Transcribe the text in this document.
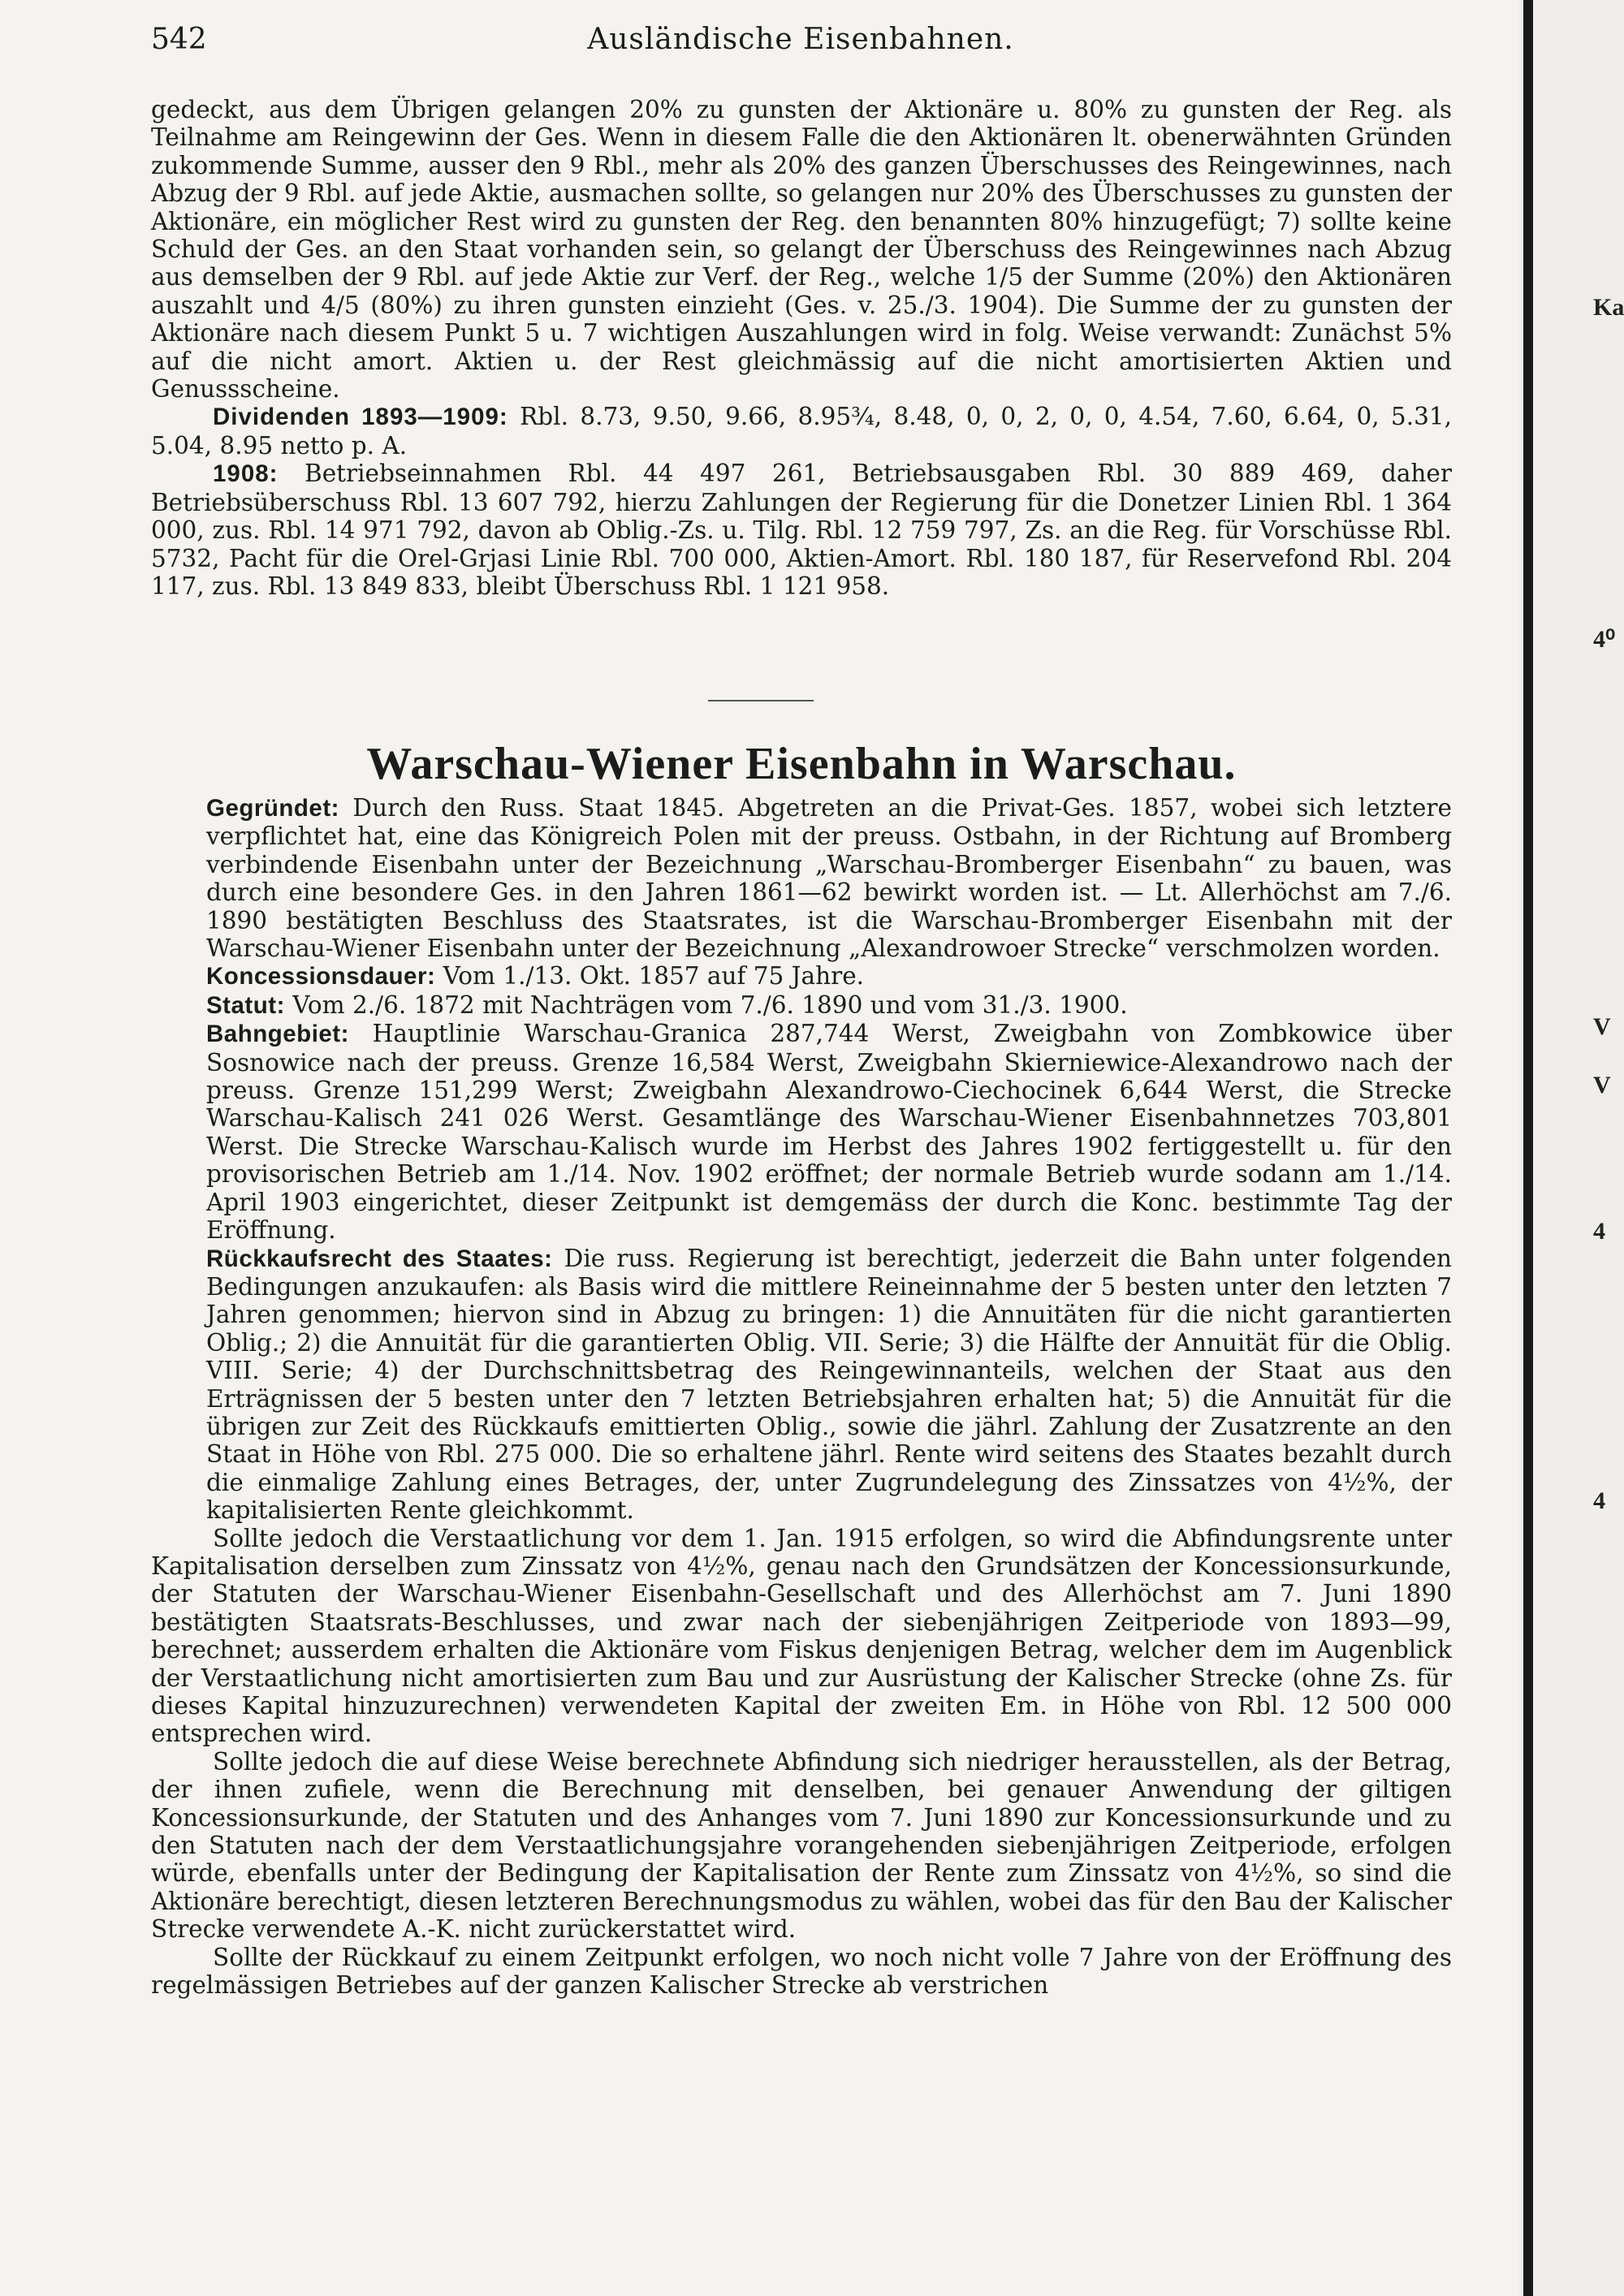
542	Ausländische Eisenbahnen.

gedeckt, aus dem Übrigen gelangen 20% zu gunsten der Aktionäre u. 80% zu gunsten der Reg. als Teilnahme am Reingewinn der Ges. Wenn in diesem Falle die den Aktionären lt. obenerwähnten Gründen zukommende Summe, ausser den 9 Rbl., mehr als 20% des ganzen Überschusses des Reingewinnes, nach Abzug der 9 Rbl. auf jede Aktie, ausmachen sollte, so gelangen nur 20% des Überschusses zu gunsten der Aktionäre, ein möglicher Rest wird zu gunsten der Reg. den benannten 80% hinzugefügt; 7) sollte keine Schuld der Ges. an den Staat vorhanden sein, so gelangt der Überschuss des Reingewinnes nach Abzug aus demselben der 9 Rbl. auf jede Aktie zur Verf. der Reg., welche 1/5 der Summe (20%) den Aktionären auszahlt und 4/5 (80%) zu ihren gunsten einzieht (Ges. v. 25./3. 1904). Die Summe der zu gunsten der Aktionäre nach diesem Punkt 5 u. 7 wichtigen Auszahlungen wird in folg. Weise verwandt: Zunächst 5% auf die nicht amort. Aktien u. der Rest gleichmässig auf die nicht amortisierten Aktien und Genussscheine.

Dividenden 1893—1909: Rbl. 8.73, 9.50, 9.66, 8.95¾, 8.48, 0, 0, 2, 0, 0, 4.54, 7.60, 6.64, 0, 5.31, 5.04, 8.95 netto p. A.

1908: Betriebseinnahmen Rbl. 44 497 261, Betriebsausgaben Rbl. 30 889 469, daher Betriebsüberschuss Rbl. 13 607 792, hierzu Zahlungen der Regierung für die Donetzer Linien Rbl. 1 364 000, zus. Rbl. 14 971 792, davon ab Oblig.-Zs. u. Tilg. Rbl. 12 759 797, Zs. an die Reg. für Vorschüsse Rbl. 5732, Pacht für die Orel-Grjasi Linie Rbl. 700 000, Aktien-Amort. Rbl. 180 187, für Reservefond Rbl. 204 117, zus. Rbl. 13 849 833, bleibt Überschuss Rbl. 1 121 958.

Warschau-Wiener Eisenbahn in Warschau.

Gegründet: Durch den Russ. Staat 1845. Abgetreten an die Privat-Ges. 1857, wobei sich letztere verpflichtet hat, eine das Königreich Polen mit der preuss. Ostbahn, in der Richtung auf Bromberg verbindende Eisenbahn unter der Bezeichnung „Warschau-Bromberger Eisenbahn“ zu bauen, was durch eine besondere Ges. in den Jahren 1861—62 bewirkt worden ist. — Lt. Allerhöchst am 7./6. 1890 bestätigten Beschluss des Staatsrates, ist die Warschau-Bromberger Eisenbahn mit der Warschau-Wiener Eisenbahn unter der Bezeichnung „Alexandrowoer Strecke“ verschmolzen worden.

Koncessionsdauer: Vom 1./13. Okt. 1857 auf 75 Jahre.

Statut: Vom 2./6. 1872 mit Nachträgen vom 7./6. 1890 und vom 31./3. 1900.

Bahngebiet: Hauptlinie Warschau-Granica 287,744 Werst, Zweigbahn von Zombkowice über Sosnowice nach der preuss. Grenze 16,584 Werst, Zweigbahn Skierniewice-Alexandrowo nach der preuss. Grenze 151,299 Werst; Zweigbahn Alexandrowo-Ciechocinek 6,644 Werst, die Strecke Warschau-Kalisch 241 026 Werst. Gesamtlänge des Warschau-Wiener Eisenbahnnetzes 703,801 Werst. Die Strecke Warschau-Kalisch wurde im Herbst des Jahres 1902 fertiggestellt u. für den provisorischen Betrieb am 1./14. Nov. 1902 eröffnet; der normale Betrieb wurde sodann am 1./14. April 1903 eingerichtet, dieser Zeitpunkt ist demgemäss der durch die Konc. bestimmte Tag der Eröffnung.

Rückkaufsrecht des Staates: Die russ. Regierung ist berechtigt, jederzeit die Bahn unter folgenden Bedingungen anzukaufen: als Basis wird die mittlere Reineinnahme der 5 besten unter den letzten 7 Jahren genommen; hiervon sind in Abzug zu bringen: 1) die Annuitäten für die nicht garantierten Oblig.; 2) die Annuität für die garantierten Oblig. VII. Serie; 3) die Hälfte der Annuität für die Oblig. VIII. Serie; 4) der Durchschnittsbetrag des Reingewinnanteils, welchen der Staat aus den Erträgnissen der 5 besten unter den 7 letzten Betriebsjahren erhalten hat; 5) die Annuität für die übrigen zur Zeit des Rückkaufs emittierten Oblig., sowie die jährl. Zahlung der Zusatzrente an den Staat in Höhe von Rbl. 275 000. Die so erhaltene jährl. Rente wird seitens des Staates bezahlt durch die einmalige Zahlung eines Betrages, der, unter Zugrundelegung des Zinssatzes von 4½%, der kapitalisierten Rente gleichkommt.

Sollte jedoch die Verstaatlichung vor dem 1. Jan. 1915 erfolgen, so wird die Abfindungsrente unter Kapitalisation derselben zum Zinssatz von 4½%, genau nach den Grundsätzen der Koncessionsurkunde, der Statuten der Warschau-Wiener Eisenbahn-Gesellschaft und des Allerhöchst am 7. Juni 1890 bestätigten Staatsrats-Beschlusses, und zwar nach der siebenjährigen Zeitperiode von 1893—99, berechnet; ausserdem erhalten die Aktionäre vom Fiskus denjenigen Betrag, welcher dem im Augenblick der Verstaatlichung nicht amortisierten zum Bau und zur Ausrüstung der Kalischer Strecke (ohne Zs. für dieses Kapital hinzuzurechnen) verwendeten Kapital der zweiten Em. in Höhe von Rbl. 12 500 000 entsprechen wird.

Sollte jedoch die auf diese Weise berechnete Abfindung sich niedriger herausstellen, als der Betrag, der ihnen zufiele, wenn die Berechnung mit denselben, bei genauer Anwendung der giltigen Koncessionsurkunde, der Statuten und des Anhanges vom 7. Juni 1890 zur Koncessionsurkunde und zu den Statuten nach der dem Verstaatlichungsjahre vorangehenden siebenjährigen Zeitperiode, erfolgen würde, ebenfalls unter der Bedingung der Kapitalisation der Rente zum Zinssatz von 4½%, so sind die Aktionäre berechtigt, diesen letzteren Berechnungsmodus zu wählen, wobei das für den Bau der Kalischer Strecke verwendete A.-K. nicht zurückerstattet wird.

Sollte der Rückkauf zu einem Zeitpunkt erfolgen, wo noch nicht volle 7 Jahre von der Eröffnung des regelmässigen Betriebes auf der ganzen Kalischer Strecke ab verstrichen

Ka
4⁰
V
V
4
4
